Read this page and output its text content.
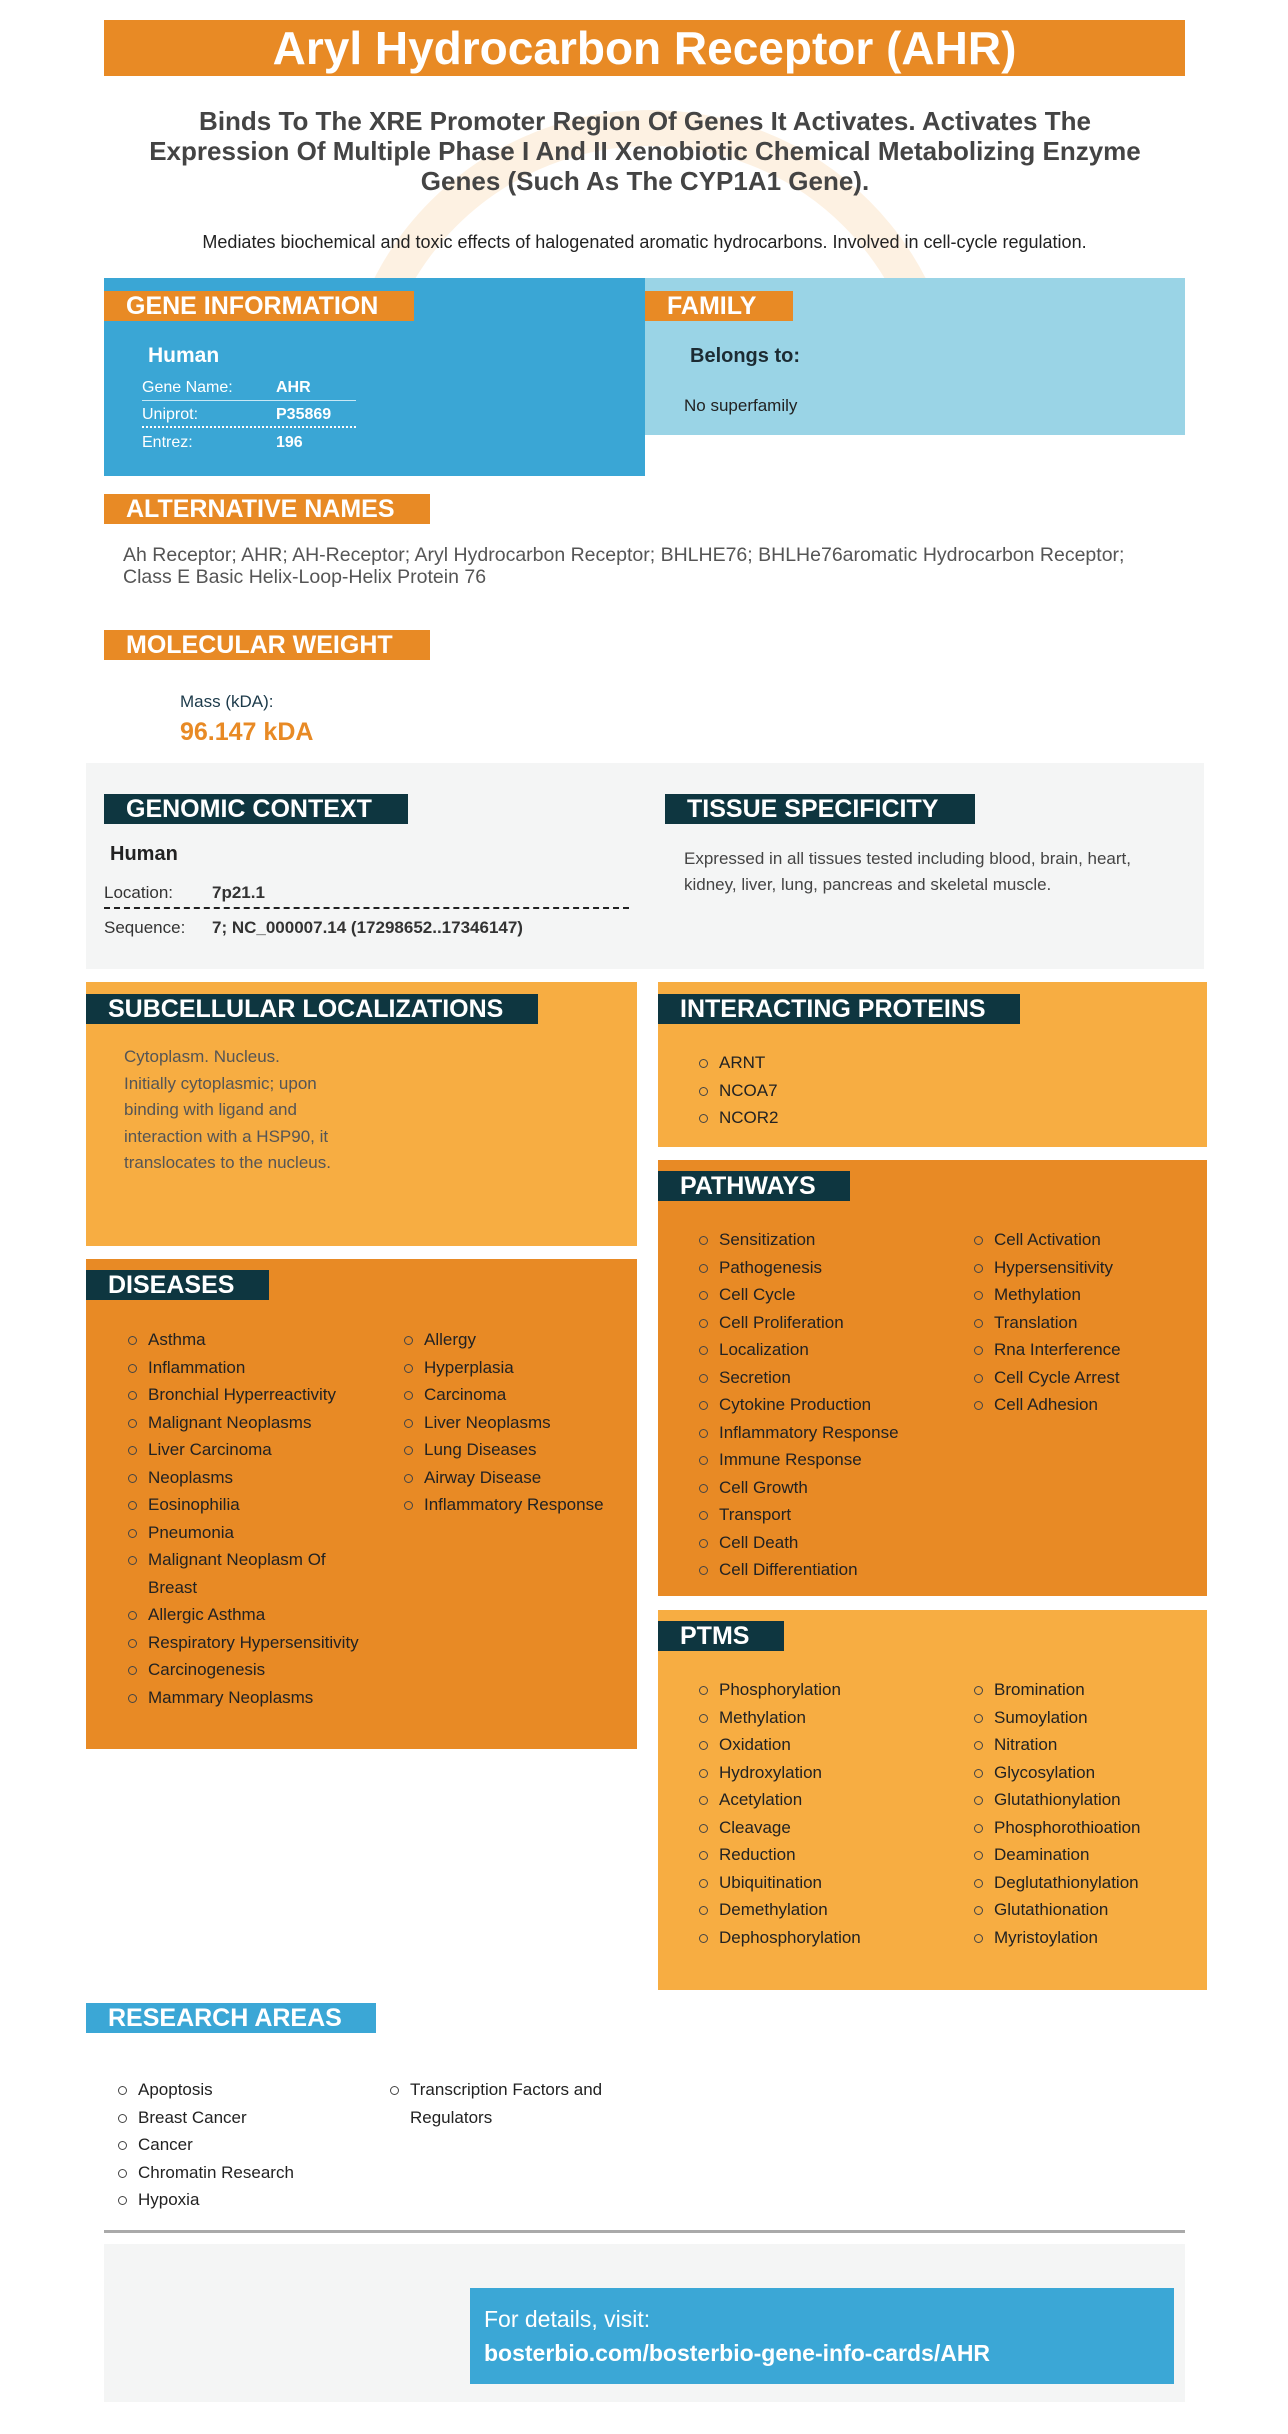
Aryl Hydrocarbon Receptor (AHR)
Binds To The XRE Promoter Region Of Genes It Activates. Activates The Expression Of Multiple Phase I And II Xenobiotic Chemical Metabolizing Enzyme Genes (Such As The CYP1A1 Gene).
Mediates biochemical and toxic effects of halogenated aromatic hydrocarbons. Involved in cell-cycle regulation.
GENE INFORMATION
Human
Gene Name:	AHR
Uniprot:	P35869
Entrez:	196
FAMILY
Belongs to:
No superfamily
ALTERNATIVE NAMES
Ah Receptor; AHR; AH-Receptor; Aryl Hydrocarbon Receptor; BHLHE76; BHLHe76aromatic Hydrocarbon Receptor; Class E Basic Helix-Loop-Helix Protein 76
MOLECULAR WEIGHT
Mass (kDA):
96.147 kDA
GENOMIC CONTEXT
Human
Location: 7p21.1
Sequence: 7; NC_000007.14 (17298652..17346147)
TISSUE SPECIFICITY
Expressed in all tissues tested including blood, brain, heart, kidney, liver, lung, pancreas and skeletal muscle.
SUBCELLULAR LOCALIZATIONS
Cytoplasm. Nucleus. Initially cytoplasmic; upon binding with ligand and interaction with a HSP90, it translocates to the nucleus.
INTERACTING PROTEINS
ARNT
NCOA7
NCOR2
PATHWAYS
Sensitization
Pathogenesis
Cell Cycle
Cell Proliferation
Localization
Secretion
Cytokine Production
Inflammatory Response
Immune Response
Cell Growth
Transport
Cell Death
Cell Differentiation
Cell Activation
Hypersensitivity
Methylation
Translation
Rna Interference
Cell Cycle Arrest
Cell Adhesion
DISEASES
Asthma
Inflammation
Bronchial Hyperreactivity
Malignant Neoplasms
Liver Carcinoma
Neoplasms
Eosinophilia
Pneumonia
Malignant Neoplasm Of Breast
Allergic Asthma
Respiratory Hypersensitivity
Carcinogenesis
Mammary Neoplasms
Allergy
Hyperplasia
Carcinoma
Liver Neoplasms
Lung Diseases
Airway Disease
Inflammatory Response
PTMS
Phosphorylation
Methylation
Oxidation
Hydroxylation
Acetylation
Cleavage
Reduction
Ubiquitination
Demethylation
Dephosphorylation
Bromination
Sumoylation
Nitration
Glycosylation
Glutathionylation
Phosphorothioation
Deamination
Deglutathionylation
Glutathionation
Myristoylation
RESEARCH AREAS
Apoptosis
Breast Cancer
Cancer
Chromatin Research
Hypoxia
Transcription Factors and Regulators
For details, visit:
bosterbio.com/bosterbio-gene-info-cards/AHR
